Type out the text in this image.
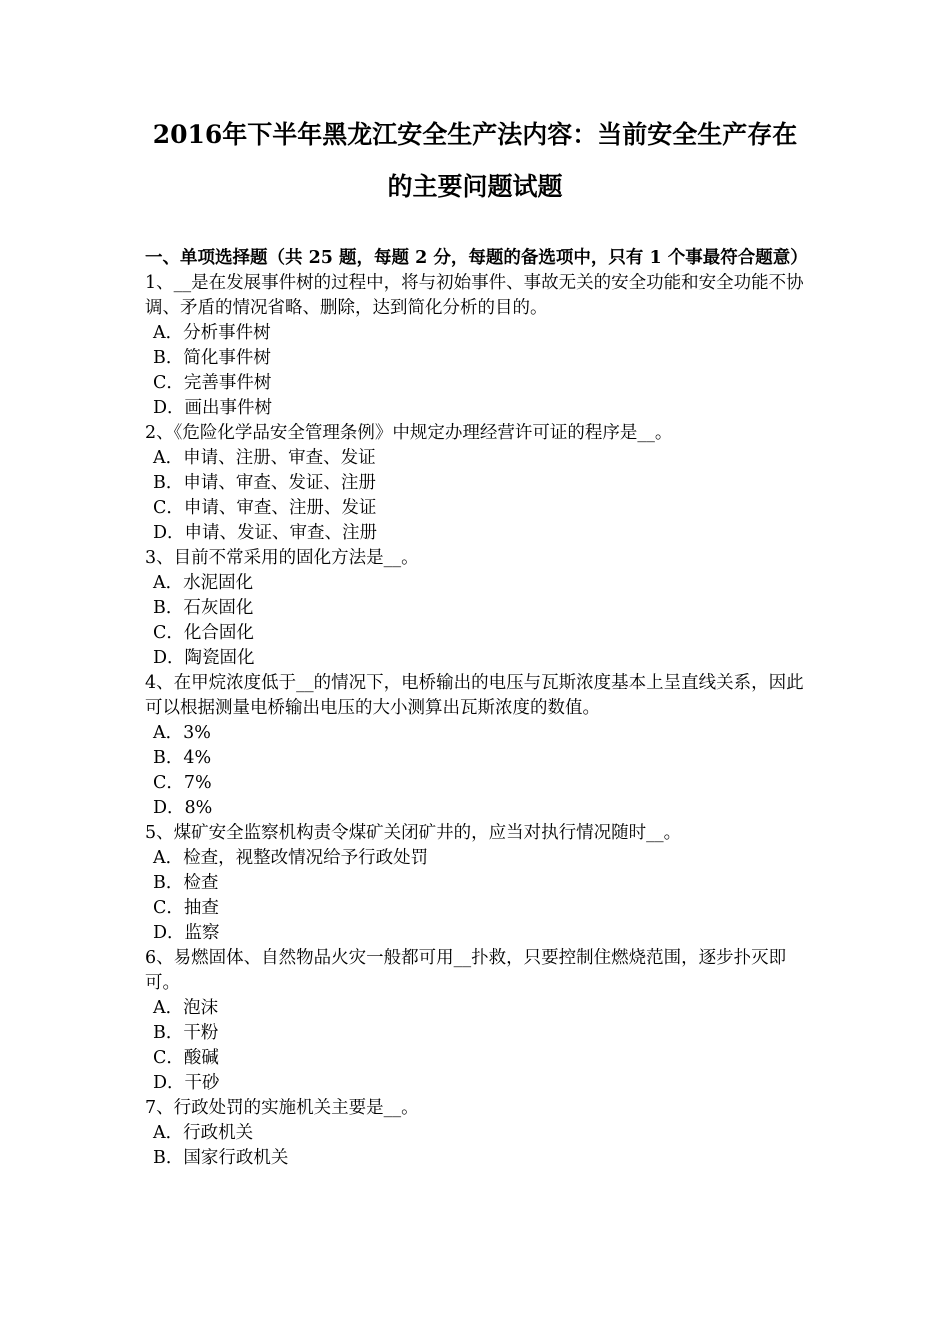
2016年下半年黑龙江安全生产法内容：当前安全生产存在
的主要问题试题

一、单项选择题（共 25 题，每题 2 分，每题的备选项中，只有 1 个事最符合题意）

1、__是在发展事件树的过程中，将与初始事件、事故无关的安全功能和安全功能不协调、矛盾的情况省略、删除，达到简化分析的目的。

A．分析事件树
B．简化事件树
C．完善事件树
D．画出事件树

2、《危险化学品安全管理条例》中规定办理经营许可证的程序是__。

A．申请、注册、审查、发证
B．申请、审查、发证、注册
C．申请、审查、注册、发证
D．申请、发证、审查、注册

3、目前不常采用的固化方法是__。

A．水泥固化
B．石灰固化
C．化合固化
D．陶瓷固化

4、在甲烷浓度低于__的情况下，电桥输出的电压与瓦斯浓度基本上呈直线关系，因此可以根据测量电桥输出电压的大小测算出瓦斯浓度的数值。

A．3%
B．4%
C．7%
D．8%

5、煤矿安全监察机构责令煤矿关闭矿井的，应当对执行情况随时__。

A．检查，视整改情况给予行政处罚
B．检查
C．抽查
D．监察

6、易燃固体、自然物品火灾一般都可用__扑救，只要控制住燃烧范围，逐步扑灭即可。

A．泡沫
B．干粉
C．酸碱
D．干砂

7、行政处罚的实施机关主要是__。

A．行政机关
B．国家行政机关
